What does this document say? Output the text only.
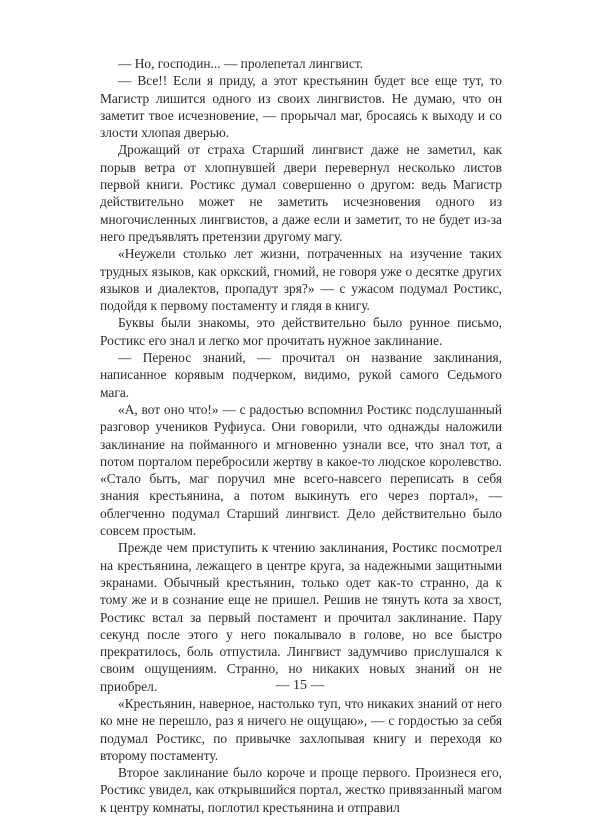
— Но, господин... — пролепетал лингвист.

— Все!! Если я приду, а этот крестьянин будет все еще тут, то Магистр лишится одного из своих лингвистов. Не думаю, что он заметит твое исчезновение, — прорычал маг, бросаясь к выходу и со злости хлопая дверью.

Дрожащий от страха Старший лингвист даже не заметил, как порыв ветра от хлопнувшей двери перевернул несколько листов первой книги. Ростикс думал совершенно о другом: ведь Магистр действительно может не заметить исчезновения одного из многочисленных лингвистов, а даже если и заметит, то не будет из-за него предъявлять претензии другому магу.

«Неужели столько лет жизни, потраченных на изучение таких трудных языков, как оркский, гномий, не говоря уже о десятке других языков и диалектов, пропадут зря?» — с ужасом подумал Ростикс, подойдя к первому постаменту и глядя в книгу.

Буквы были знакомы, это действительно было рунное письмо, Ростикс его знал и легко мог прочитать нужное заклинание.

— Перенос знаний, — прочитал он название заклинания, написанное корявым подчерком, видимо, рукой самого Седьмого мага.

«А, вот оно что!» — с радостью вспомнил Ростикс подслушанный разговор учеников Руфиуса. Они говорили, что однажды наложили заклинание на пойманного и мгновенно узнали все, что знал тот, а потом порталом перебросили жертву в какое-то людское королевство. «Стало быть, маг поручил мне всего-навсего переписать в себя знания крестьянина, а потом выкинуть его через портал», — облегченно подумал Старший лингвист. Дело действительно было совсем простым.

Прежде чем приступить к чтению заклинания, Ростикс посмотрел на крестьянина, лежащего в центре круга, за надежными защитными экранами. Обычный крестьянин, только одет как-то странно, да к тому же и в сознание еще не пришел. Решив не тянуть кота за хвост, Ростикс встал за первый постамент и прочитал заклинание. Пару секунд после этого у него покалывало в голове, но все быстро прекратилось, боль отпустила. Лингвист задумчиво прислушался к своим ощущениям. Странно, но никаких новых знаний он не приобрел.

«Крестьянин, наверное, настолько туп, что никаких знаний от него ко мне не перешло, раз я ничего не ощущаю», — с гордостью за себя подумал Ростикс, по привычке захлопывая книгу и переходя ко второму постаменту.

Второе заклинание было короче и проще первого. Произнеся его, Ростикс увидел, как открывшийся портал, жестко привязанный магом к центру комнаты, поглотил крестьянина и отправил

— 15 —
